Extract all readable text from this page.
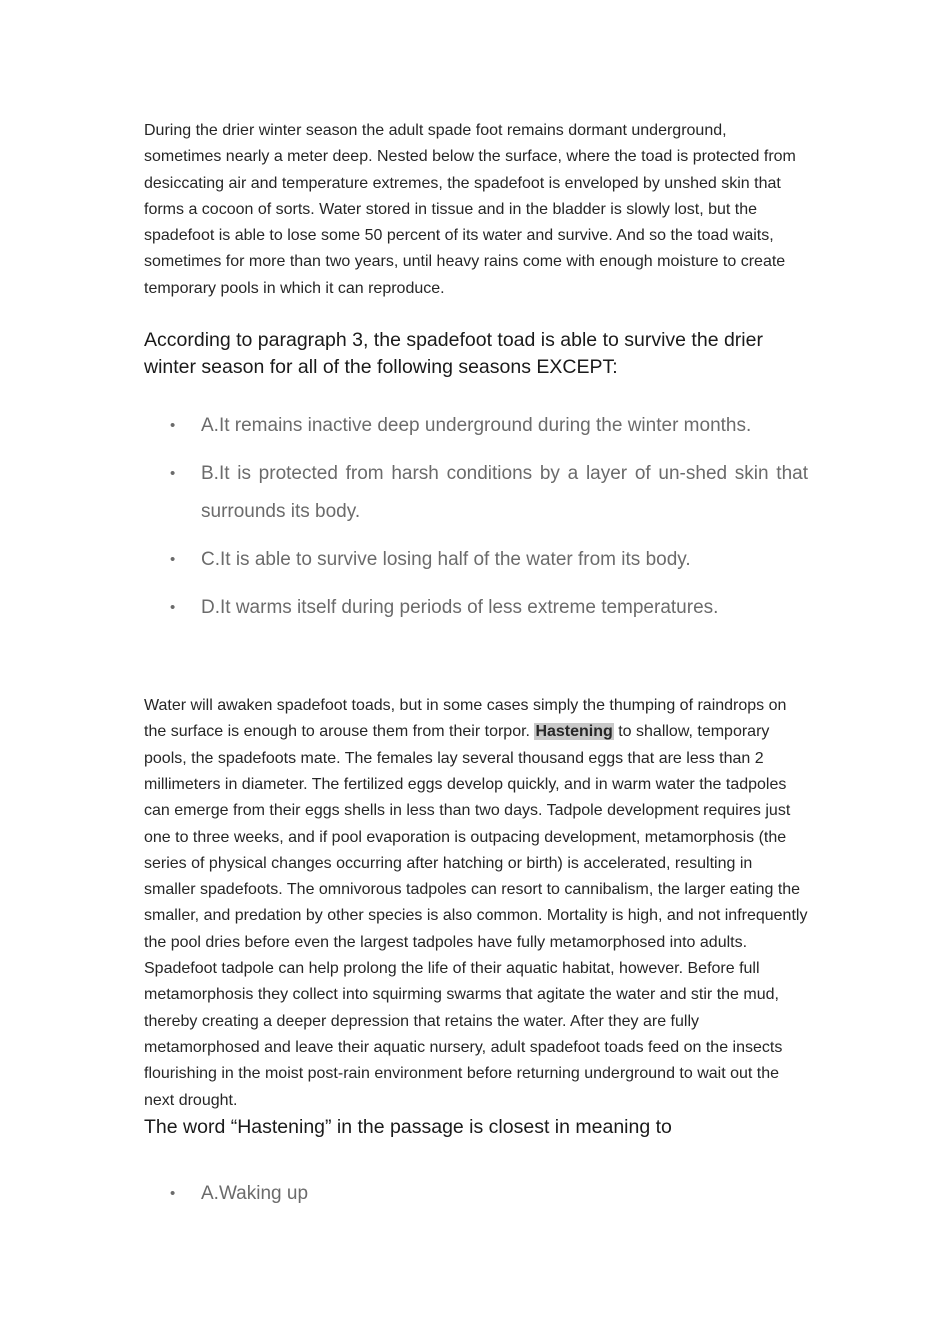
During the drier winter season the adult spade foot remains dormant underground, sometimes nearly a meter deep. Nested below the surface, where the toad is protected from desiccating air and temperature extremes, the spadefoot is enveloped by unshed skin that forms a cocoon of sorts. Water stored in tissue and in the bladder is slowly lost, but the spadefoot is able to lose some 50 percent of its water and survive. And so the toad waits, sometimes for more than two years, until heavy rains come with enough moisture to create temporary pools in which it can reproduce.

According to paragraph 3, the spadefoot toad is able to survive the drier winter season for all of the following seasons EXCEPT:

• A.It remains inactive deep underground during the winter months.
• B.It is protected from harsh conditions by a layer of un-shed skin that surrounds its body.
• C.It is able to survive losing half of the water from its body.
• D.It warms itself during periods of less extreme temperatures.

Water will awaken spadefoot toads, but in some cases simply the thumping of raindrops on the surface is enough to arouse them from their torpor. Hastening to shallow, temporary pools, the spadefoots mate. The females lay several thousand eggs that are less than 2 millimeters in diameter. The fertilized eggs develop quickly, and in warm water the tadpoles can emerge from their eggs shells in less than two days. Tadpole development requires just one to three weeks, and if pool evaporation is outpacing development, metamorphosis (the series of physical changes occurring after hatching or birth) is accelerated, resulting in smaller spadefoots. The omnivorous tadpoles can resort to cannibalism, the larger eating the smaller, and predation by other species is also common. Mortality is high, and not infrequently the pool dries before even the largest tadpoles have fully metamorphosed into adults. Spadefoot tadpole can help prolong the life of their aquatic habitat, however. Before full metamorphosis they collect into squirming swarms that agitate the water and stir the mud, thereby creating a deeper depression that retains the water. After they are fully metamorphosed and leave their aquatic nursery, adult spadefoot toads feed on the insects flourishing in the moist post-rain environment before returning underground to wait out the next drought.

The word “Hastening” in the passage is closest in meaning to

• A.Waking up
